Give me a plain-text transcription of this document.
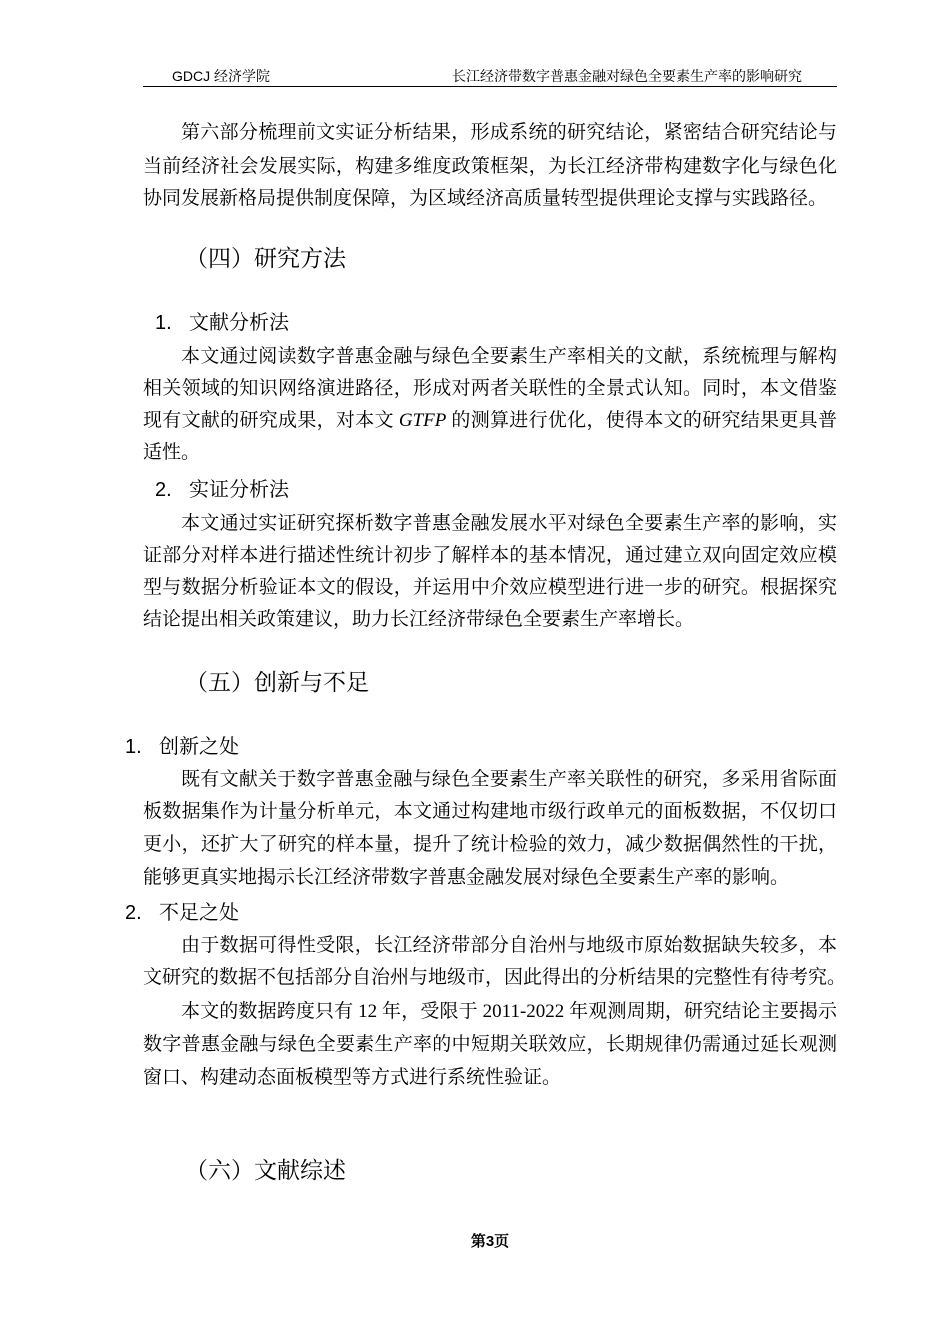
GDCJ 经济学院	长江经济带数字普惠金融对绿色全要素生产率的影响研究
第六部分梳理前文实证分析结果，形成系统的研究结论，紧密结合研究结论与
当前经济社会发展实际，构建多维度政策框架，为长江经济带构建数字化与绿色化
协同发展新格局提供制度保障，为区域经济高质量转型提供理论支撑与实践路径。
（四）研究方法
1. 文献分析法
本文通过阅读数字普惠金融与绿色全要素生产率相关的文献，系统梳理与解构
相关领域的知识网络演进路径，形成对两者关联性的全景式认知。同时，本文借鉴
现有文献的研究成果，对本文 GTFP 的测算进行优化，使得本文的研究结果更具普
适性。
2. 实证分析法
本文通过实证研究探析数字普惠金融发展水平对绿色全要素生产率的影响，实
证部分对样本进行描述性统计初步了解样本的基本情况，通过建立双向固定效应模
型与数据分析验证本文的假设，并运用中介效应模型进行进一步的研究。根据探究
结论提出相关政策建议，助力长江经济带绿色全要素生产率增长。
（五）创新与不足
1. 创新之处
既有文献关于数字普惠金融与绿色全要素生产率关联性的研究，多采用省际面
板数据集作为计量分析单元，本文通过构建地市级行政单元的面板数据，不仅切口
更小，还扩大了研究的样本量，提升了统计检验的效力，减少数据偶然性的干扰，
能够更真实地揭示长江经济带数字普惠金融发展对绿色全要素生产率的影响。
2. 不足之处
由于数据可得性受限，长江经济带部分自治州与地级市原始数据缺失较多，本
文研究的数据不包括部分自治州与地级市，因此得出的分析结果的完整性有待考究。
本文的数据跨度只有 12 年，受限于 2011-2022 年观测周期，研究结论主要揭示
数字普惠金融与绿色全要素生产率的中短期关联效应，长期规律仍需通过延长观测
窗口、构建动态面板模型等方式进行系统性验证。
（六）文献综述
第3页
